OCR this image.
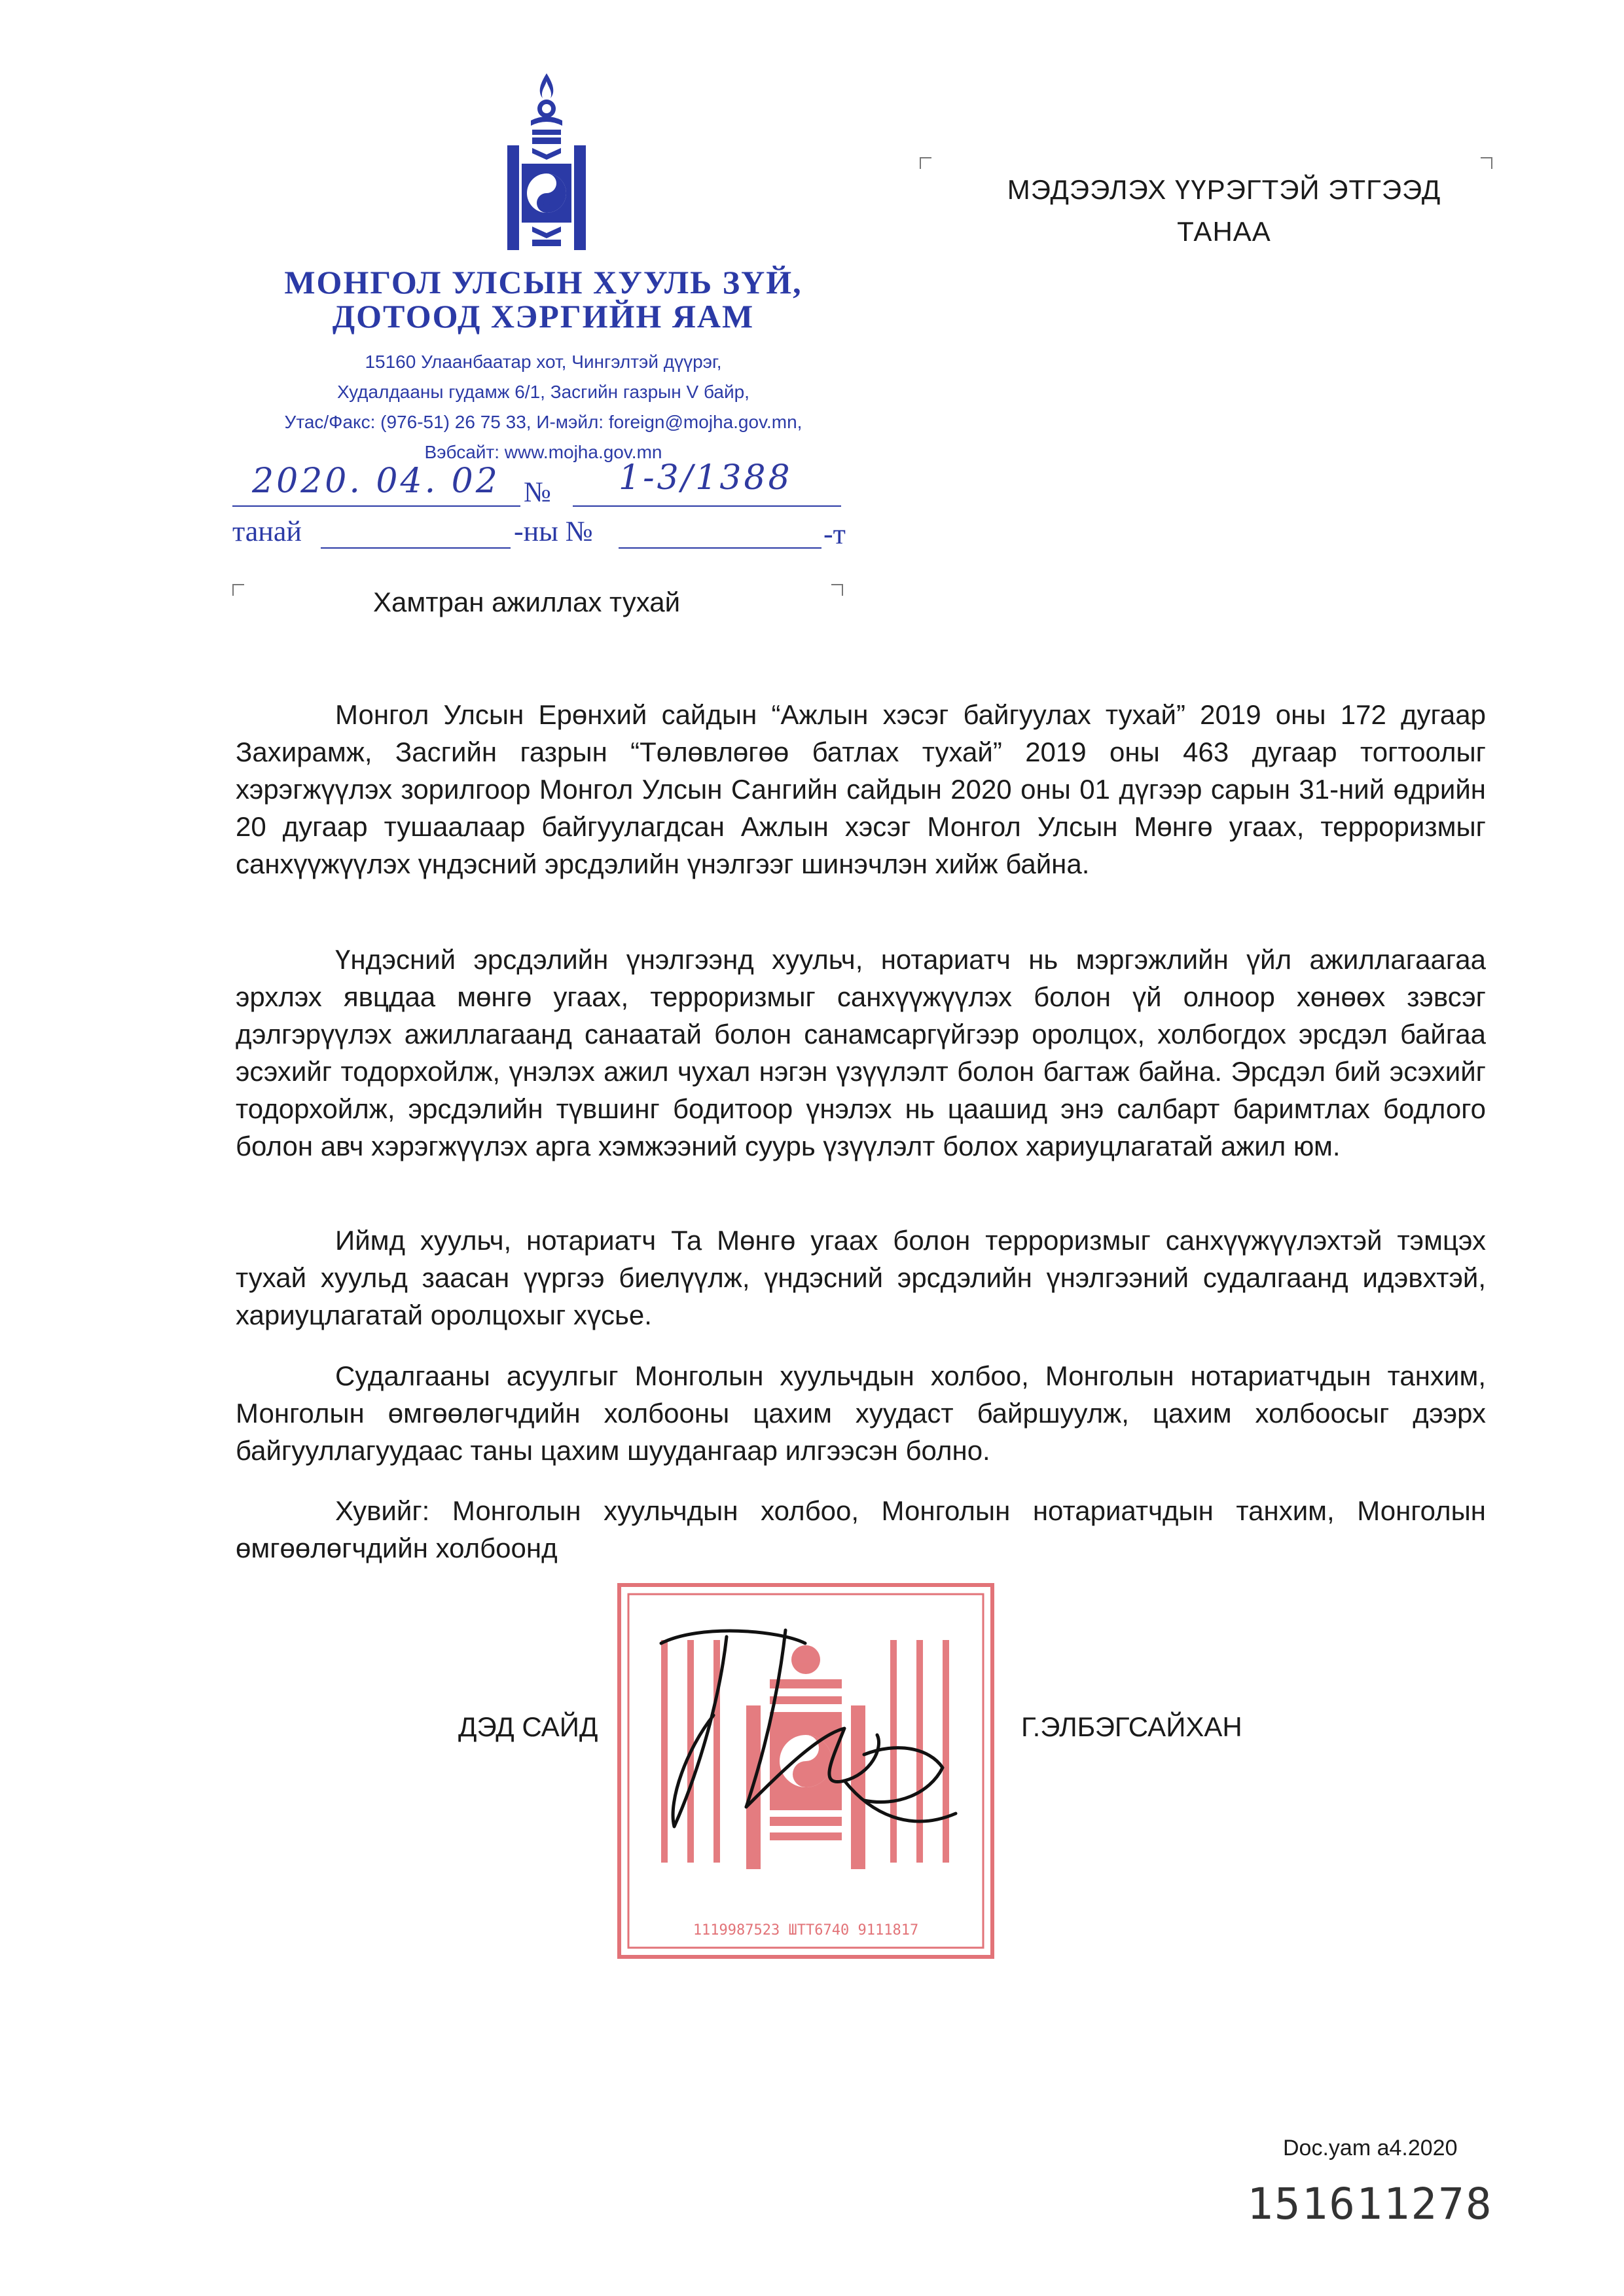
МОНГОЛ УЛСЫН ХУУЛЬ ЗҮЙ,
ДОТООД ХЭРГИЙН ЯАМ
15160 Улаанбаатар хот, Чингэлтэй дүүрэг,
Худалдааны гудамж 6/1, Засгийн газрын V байр,
Утас/Факс: (976-51) 26 75 33, И-мэйл: foreign@mojha.gov.mn,
Вэбсайт: www.mojha.gov.mn
2020. 04. 02 № 1-3/1388
танай	-ны №	-т
МЭДЭЭЛЭХ ҮҮРЭГТЭЙ ЭТГЭЭД
ТАНАА
Хамтран ажиллах тухай

Монгол Улсын Ерөнхий сайдын “Ажлын хэсэг байгуулах тухай” 2019 оны 172 дугаар Захирамж, Засгийн газрын “Төлөвлөгөө батлах тухай” 2019 оны 463 дугаар тогтоолыг хэрэгжүүлэх зорилгоор Монгол Улсын Сангийн сайдын 2020 оны 01 дүгээр сарын 31-ний өдрийн 20 дугаар тушаалаар байгуулагдсан Ажлын хэсэг Монгол Улсын Мөнгө угаах, терроризмыг санхүүжүүлэх үндэсний эрсдэлийн үнэлгээг шинэчлэн хийж байна.

Үндэсний эрсдэлийн үнэлгээнд хуульч, нотариатч нь мэргэжлийн үйл ажиллагаагаа эрхлэх явцдаа мөнгө угаах, терроризмыг санхүүжүүлэх болон үй олноор хөнөөх зэвсэг дэлгэрүүлэх ажиллагаанд санаатай болон санамсаргүйгээр оролцох, холбогдох эрсдэл байгаа эсэхийг тодорхойлж, үнэлэх ажил чухал нэгэн үзүүлэлт болон багтаж байна. Эрсдэл бий эсэхийг тодорхойлж, эрсдэлийн түвшинг бодитоор үнэлэх нь цаашид энэ салбарт баримтлах бодлого болон авч хэрэгжүүлэх арга хэмжээний суурь үзүүлэлт болох хариуцлагатай ажил юм.

Иймд хуульч, нотариатч Та Мөнгө угаах болон терроризмыг санхүүжүүлэхтэй тэмцэх тухай хуульд заасан үүргээ биелүүлж, үндэсний эрсдэлийн үнэлгээний судалгаанд идэвхтэй, хариуцлагатай оролцохыг хүсье.

Судалгааны асуулгыг Монголын хуульчдын холбоо, Монголын нотариатчдын танхим, Монголын өмгөөлөгчдийн холбооны цахим хуудаст байршуулж, цахим холбоосыг дээрх байгууллагуудаас таны цахим шуудангаар илгээсэн болно.

Хувийг: Монголын хуульчдын холбоо, Монголын нотариатчдын танхим, Монголын өмгөөлөгчдийн холбоонд

1119987523 ШТТ6740 9111817
ДЭД САЙД	Г.ЭЛБЭГСАЙХАН
Doc.yam a4.2020
151611278
